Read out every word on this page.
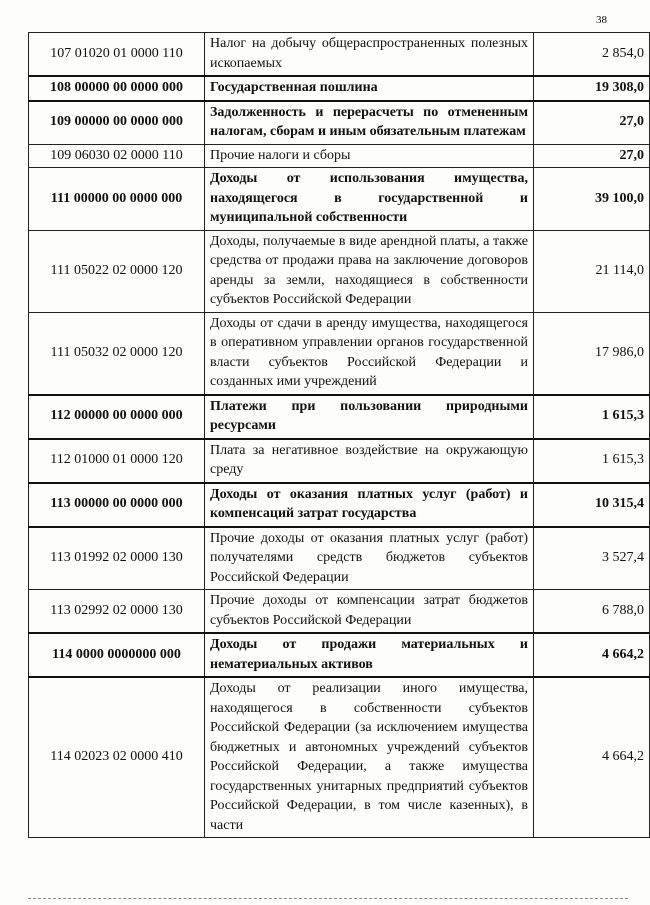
38
107 01020 01 0000 110	Налог на добычу общераспространенных полезных ископаемых	2 854,0
108 00000 00 0000 000	Государственная пошлина	19 308,0
109 00000 00 0000 000	Задолженность и перерасчеты по отмененным налогам, сборам и иным обязательным платежам	27,0
109 06030 02 0000 110	Прочие налоги и сборы	27,0
111 00000 00 0000 000	Доходы от использования имущества, находящегося в государственной и муниципальной собственности	39 100,0
111 05022 02 0000 120	Доходы, получаемые в виде арендной платы, а также средства от продажи права на заключение договоров аренды за земли, находящиеся в собственности субъектов Российской Федерации	21 114,0
111 05032 02 0000 120	Доходы от сдачи в аренду имущества, находящегося в оперативном управлении органов государственной власти субъектов Российской Федерации и созданных ими учреждений	17 986,0
112 00000 00 0000 000	Платежи при пользовании природными ресурсами	1 615,3
112 01000 01 0000 120	Плата за негативное воздействие на окружающую среду	1 615,3
113 00000 00 0000 000	Доходы от оказания платных услуг (работ) и компенсаций затрат государства	10 315,4
113 01992 02 0000 130	Прочие доходы от оказания платных услуг (работ) получателями средств бюджетов субъектов Российской Федерации	3 527,4
113 02992 02 0000 130	Прочие доходы от компенсации затрат бюджетов субъектов Российской Федерации	6 788,0
114 0000 0000000 000	Доходы от продажи материальных и нематериальных активов	4 664,2
114 02023 02 0000 410	Доходы от реализации иного имущества, находящегося в собственности субъектов Российской Федерации (за исключением имущества бюджетных и автономных учреждений субъектов Российской Федерации, а также имущества государственных унитарных предприятий субъектов Российской Федерации, в том числе казенных), в части	4 664,2
